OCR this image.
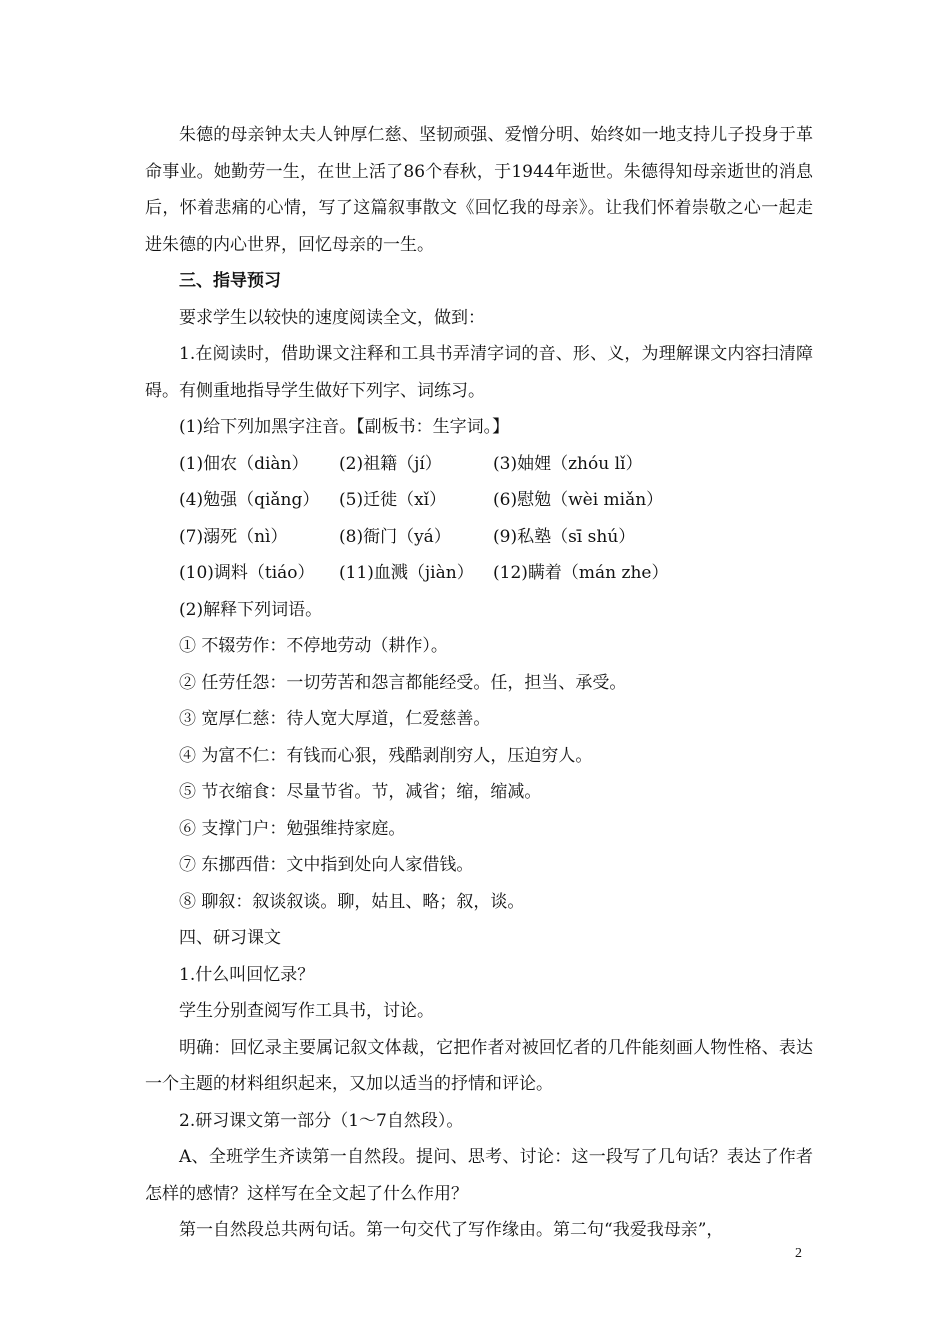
朱德的母亲钟太夫人钟厚仁慈、坚韧顽强、爱憎分明、始终如一地支持儿子投身于革命事业。她勤劳一生，在世上活了86个春秋，于1944年逝世。朱德得知母亲逝世的消息后，怀着悲痛的心情，写了这篇叙事散文《回忆我的母亲》。让我们怀着崇敬之心一起走进朱德的内心世界，回忆母亲的一生。

三、指导预习

要求学生以较快的速度阅读全文，做到：

1.在阅读时，借助课文注释和工具书弄清字词的音、形、义，为理解课文内容扫清障碍。有侧重地指导学生做好下列字、词练习。

(1)给下列加黑字注音。【副板书：生字词。】

(1)佃农（diàn） (2)祖籍（jí）	(3)妯娌（zhóu lǐ）

(4)勉强（qiǎng） (5)迁徙（xǐ）	(6)慰勉（wèi miǎn）

(7)溺死（nì）	(8)衙门（yá） (9)私塾（sī shú）

(10)调料（tiáo） (11)血溅（jiàn） (12)瞒着（mán zhe）

(2)解释下列词语。

① 不辍劳作：不停地劳动（耕作）。

② 任劳任怨：一切劳苦和怨言都能经受。任，担当、承受。

③ 宽厚仁慈：待人宽大厚道，仁爱慈善。

④ 为富不仁：有钱而心狠，残酷剥削穷人，压迫穷人。

⑤ 节衣缩食：尽量节省。节，减省；缩，缩减。

⑥ 支撑门户：勉强维持家庭。

⑦ 东挪西借：文中指到处向人家借钱。

⑧ 聊叙：叙谈叙谈。聊，姑且、略；叙，谈。

四、研习课文

1.什么叫回忆录？

学生分别查阅写作工具书，讨论。

明确：回忆录主要属记叙文体裁，它把作者对被回忆者的几件能刻画人物性格、表达一个主题的材料组织起来，又加以适当的抒情和评论。

2.研习课文第一部分（1～7自然段）。

A、全班学生齐读第一自然段。提问、思考、讨论：这一段写了几句话？表达了作者怎样的感情？这样写在全文起了什么作用？

第一自然段总共两句话。第一句交代了写作缘由。第二句“我爱我母亲”，

2
